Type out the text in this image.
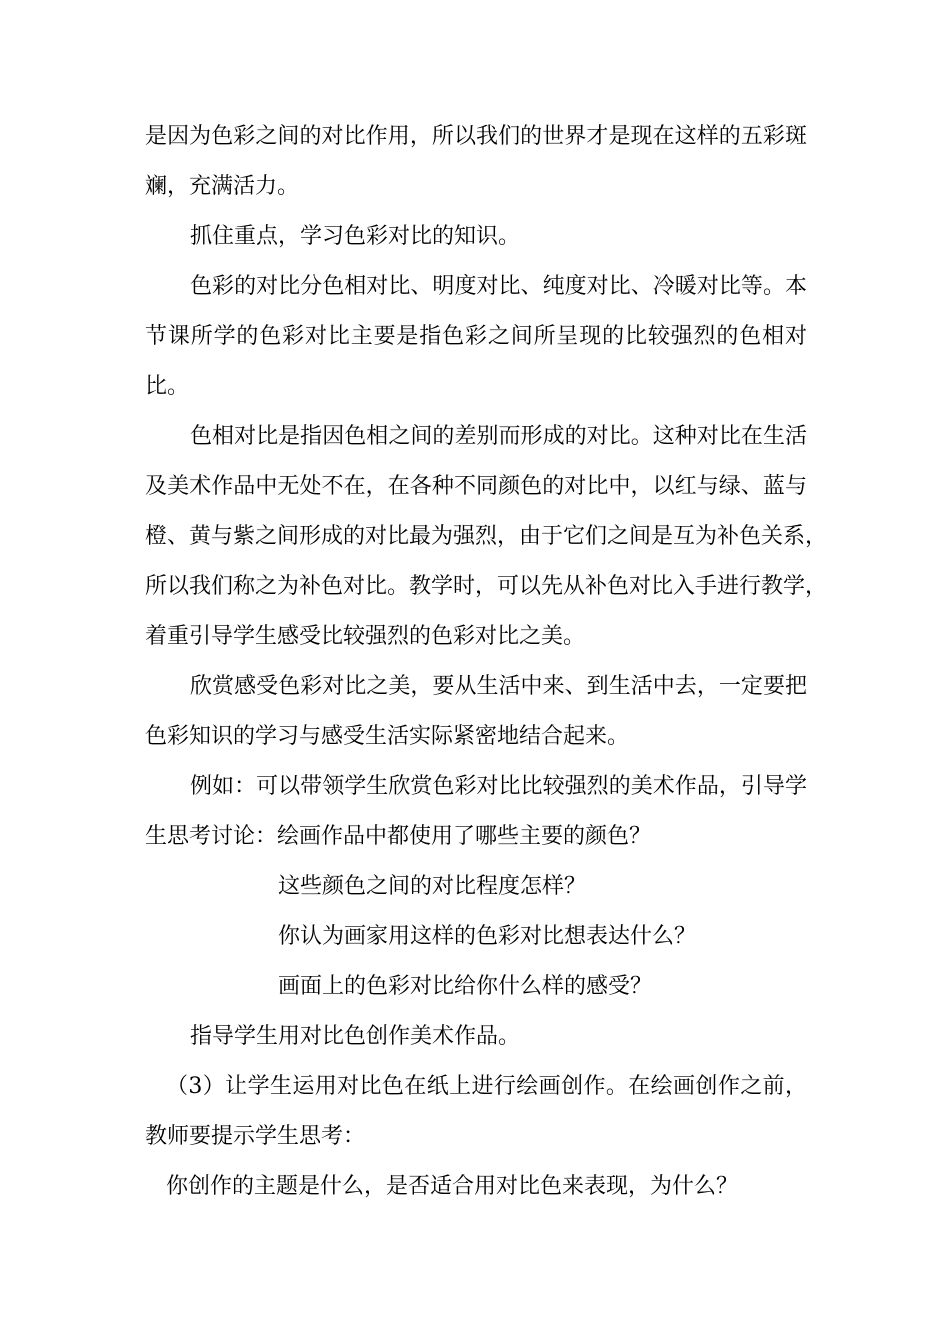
是因为色彩之间的对比作用，所以我们的世界才是现在这样的五彩斑
斓，充满活力。
抓住重点，学习色彩对比的知识。
色彩的对比分色相对比、明度对比、纯度对比、冷暖对比等。本
节课所学的色彩对比主要是指色彩之间所呈现的比较强烈的色相对
比。
色相对比是指因色相之间的差别而形成的对比。这种对比在生活
及美术作品中无处不在，在各种不同颜色的对比中，以红与绿、蓝与
橙、黄与紫之间形成的对比最为强烈，由于它们之间是互为补色关系，
所以我们称之为补色对比。教学时，可以先从补色对比入手进行教学，
着重引导学生感受比较强烈的色彩对比之美。
欣赏感受色彩对比之美，要从生活中来、到生活中去，一定要把
色彩知识的学习与感受生活实际紧密地结合起来。
例如：可以带领学生欣赏色彩对比比较强烈的美术作品，引导学
生思考讨论：绘画作品中都使用了哪些主要的颜色？
这些颜色之间的对比程度怎样？
你认为画家用这样的色彩对比想表达什么？
画面上的色彩对比给你什么样的感受？
指导学生用对比色创作美术作品。
（3）让学生运用对比色在纸上进行绘画创作。在绘画创作之前，
教师要提示学生思考：
你创作的主题是什么，是否适合用对比色来表现，为什么？
